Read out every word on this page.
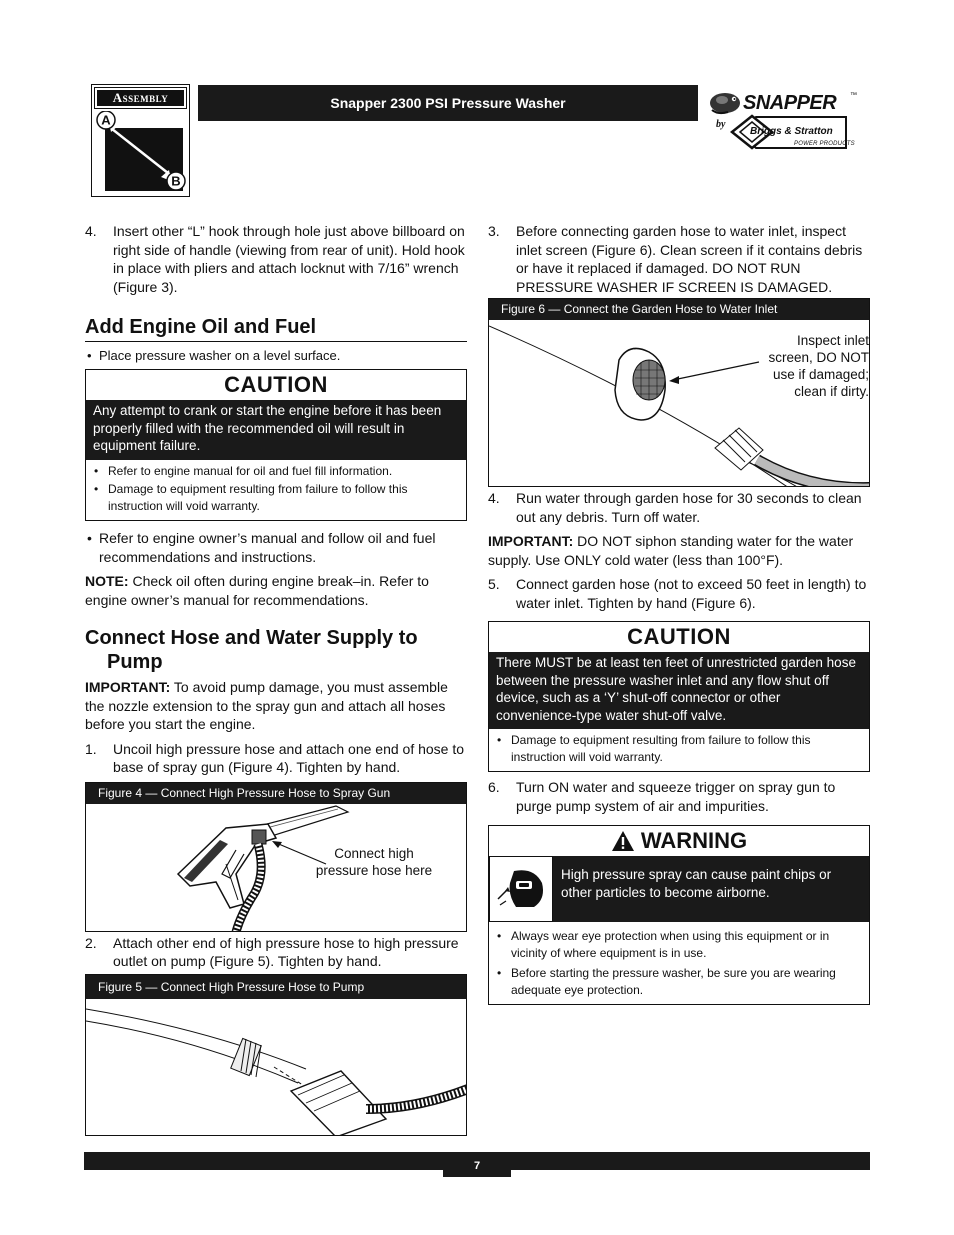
Assembly
A
B
Snapper 2300 PSI Pressure Washer	SNAPPER ™
by
Briggs & Stratton
POWER PRODUCTS
4. Insert other “L” hook through hole just above billboard on right side of handle (viewing from rear of unit). Hold hook in place with pliers and attach locknut with 7/16” wrench (Figure 3).
Add Engine Oil and Fuel
• Place pressure washer on a level surface.
CAUTION
Any attempt to crank or start the engine before it has been properly filled with the recommended oil will result in equipment failure.
• Refer to engine manual for oil and fuel fill information.
• Damage to equipment resulting from failure to follow this instruction will void warranty.
• Refer to engine owner’s manual and follow oil and fuel recommendations and instructions.
NOTE: Check oil often during engine break–in. Refer to engine owner’s manual for recommendations.
Connect Hose and Water Supply to Pump
IMPORTANT: To avoid pump damage, you must assemble the nozzle extension to the spray gun and attach all hoses before you start the engine.
1. Uncoil high pressure hose and attach one end of hose to base of spray gun (Figure 4). Tighten by hand.
Figure 4 — Connect High Pressure Hose to Spray Gun
Connect high pressure hose here
2. Attach other end of high pressure hose to high pressure outlet on pump (Figure 5). Tighten by hand.
Figure 5 — Connect High Pressure Hose to Pump
3. Before connecting garden hose to water inlet, inspect inlet screen (Figure 6). Clean screen if it contains debris or have it replaced if damaged. DO NOT RUN PRESSURE WASHER IF SCREEN IS DAMAGED.
Figure 6 — Connect the Garden Hose to Water Inlet
Inspect inlet screen, DO NOT use if damaged; clean if dirty.
4. Run water through garden hose for 30 seconds to clean out any debris. Turn off water.
IMPORTANT: DO NOT siphon standing water for the water supply. Use ONLY cold water (less than 100°F).
5. Connect garden hose (not to exceed 50 feet in length) to water inlet. Tighten by hand (Figure 6).
CAUTION
There MUST be at least ten feet of unrestricted garden hose between the pressure washer inlet and any flow shut off device, such as a ‘Y’ shut-off connector or other convenience-type water shut-off valve.
• Damage to equipment resulting from failure to follow this instruction will void warranty.
6. Turn ON water and squeeze trigger on spray gun to purge pump system of air and impurities.
WARNING
High pressure spray can cause paint chips or other particles to become airborne.
• Always wear eye protection when using this equipment or in vicinity of where equipment is in use.
• Before starting the pressure washer, be sure you are wearing adequate eye protection.
7
